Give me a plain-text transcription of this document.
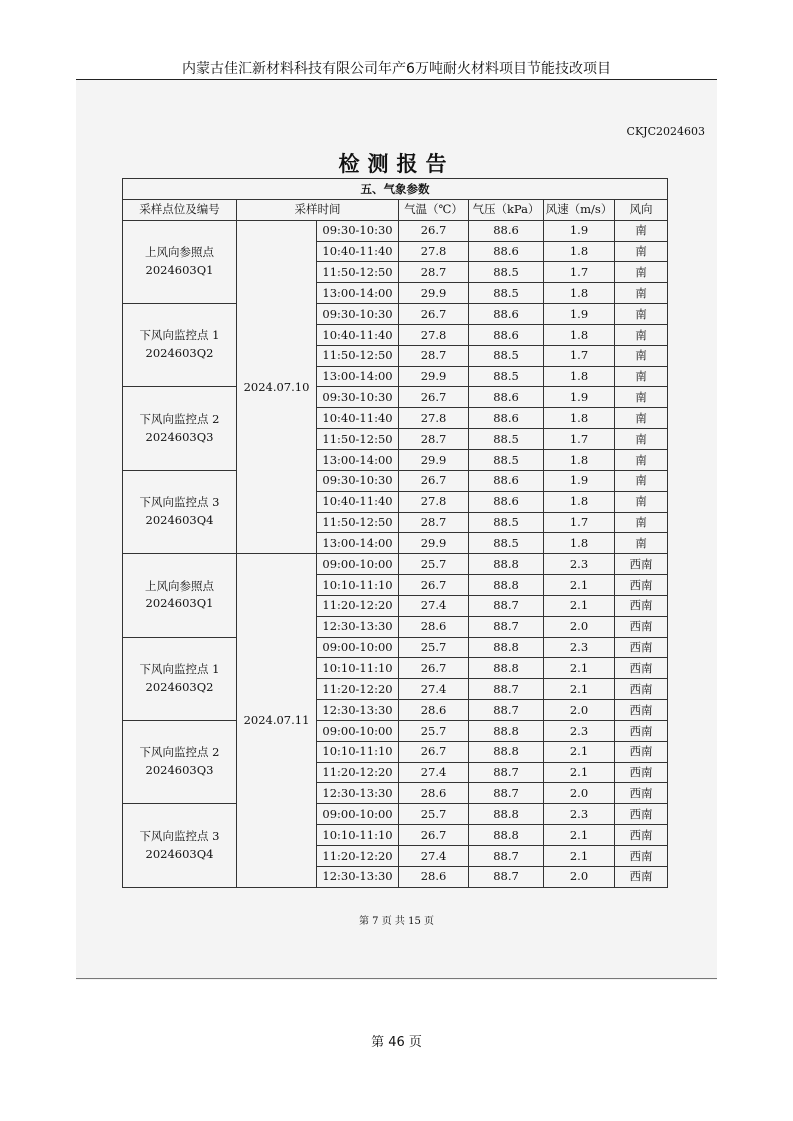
内蒙古佳汇新材料科技有限公司年产6万吨耐火材料项目节能技改项目
CKJC2024603
检测报告
五、气象参数						
采样点位及编号	采样时间		气温（℃）	气压（kPa）	风速（m/s）	风向

上风向参照点
2024603Q1	2024.07.10	09:30-10:30	26.7	88.6	1.9	南
		10:40-11:40	27.8	88.6	1.8	南
		11:50-12:50	28.7	88.5	1.7	南
		13:00-14:00	29.9	88.5	1.8	南

下风向监控点 1
2024603Q2		09:30-10:30	26.7	88.6	1.9	南
		10:40-11:40	27.8	88.6	1.8	南
		11:50-12:50	28.7	88.5	1.7	南
		13:00-14:00	29.9	88.5	1.8	南

下风向监控点 2
2024603Q3		09:30-10:30	26.7	88.6	1.9	南
		10:40-11:40	27.8	88.6	1.8	南
		11:50-12:50	28.7	88.5	1.7	南
		13:00-14:00	29.9	88.5	1.8	南

下风向监控点 3
2024603Q4		09:30-10:30	26.7	88.6	1.9	南
		10:40-11:40	27.8	88.6	1.8	南
		11:50-12:50	28.7	88.5	1.7	南
		13:00-14:00	29.9	88.5	1.8	南

上风向参照点
2024603Q1	2024.07.11	09:00-10:00	25.7	88.8	2.3	西南
		10:10-11:10	26.7	88.8	2.1	西南
		11:20-12:20	27.4	88.7	2.1	西南
		12:30-13:30	28.6	88.7	2.0	西南

下风向监控点 1
2024603Q2		09:00-10:00	25.7	88.8	2.3	西南
		10:10-11:10	26.7	88.8	2.1	西南
		11:20-12:20	27.4	88.7	2.1	西南
		12:30-13:30	28.6	88.7	2.0	西南

下风向监控点 2
2024603Q3		09:00-10:00	25.7	88.8	2.3	西南
		10:10-11:10	26.7	88.8	2.1	西南
		11:20-12:20	27.4	88.7	2.1	西南
		12:30-13:30	28.6	88.7	2.0	西南

下风向监控点 3
2024603Q4		09:00-10:00	25.7	88.8	2.3	西南
		10:10-11:10	26.7	88.8	2.1	西南
		11:20-12:20	27.4	88.7	2.1	西南
		12:30-13:30	28.6	88.7	2.0	西南
第 7 页 共 15 页
第 46 页
